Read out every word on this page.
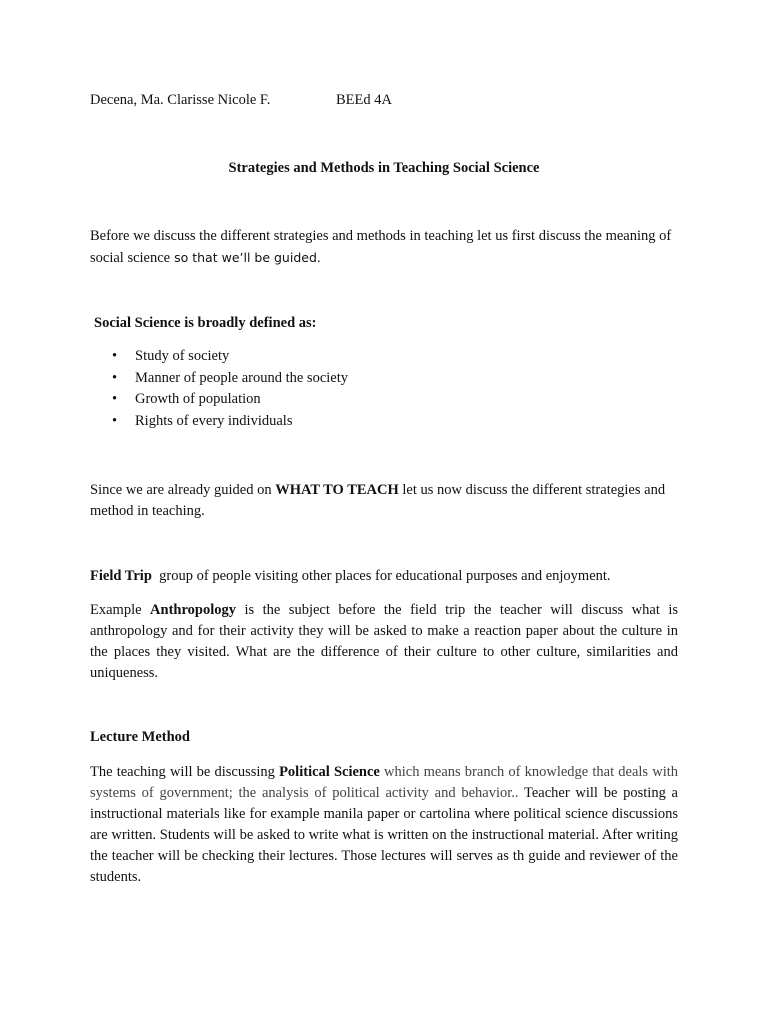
Decena, Ma. Clarisse Nicole F.	BEEd 4A
Strategies and Methods in Teaching Social Science
Before we discuss the different strategies and methods in teaching let us first discuss the meaning of social science so that we’ll be guided.
Social Science is broadly defined as:
• Study of society
• Manner of people around the society
• Growth of population
• Rights of every individuals
Since we are already guided on WHAT TO TEACH let us now discuss the different strategies and method in teaching.
Field Trip  group of people visiting other places for educational purposes and enjoyment.
Example Anthropology is the subject before the field trip the teacher will discuss what is anthropology and for their activity they will be asked to make a reaction paper about the culture in the places they visited. What are the difference of their culture to other culture, similarities and uniqueness.
Lecture Method
The teaching will be discussing Political Science which means branch of knowledge that deals with systems of government; the analysis of political activity and behavior.. Teacher will be posting a instructional materials like for example manila paper or cartolina where political science discussions are written. Students will be asked to write what is written on the instructional material. After writing the teacher will be checking their lectures. Those lectures will serves as th guide and reviewer of the students.
